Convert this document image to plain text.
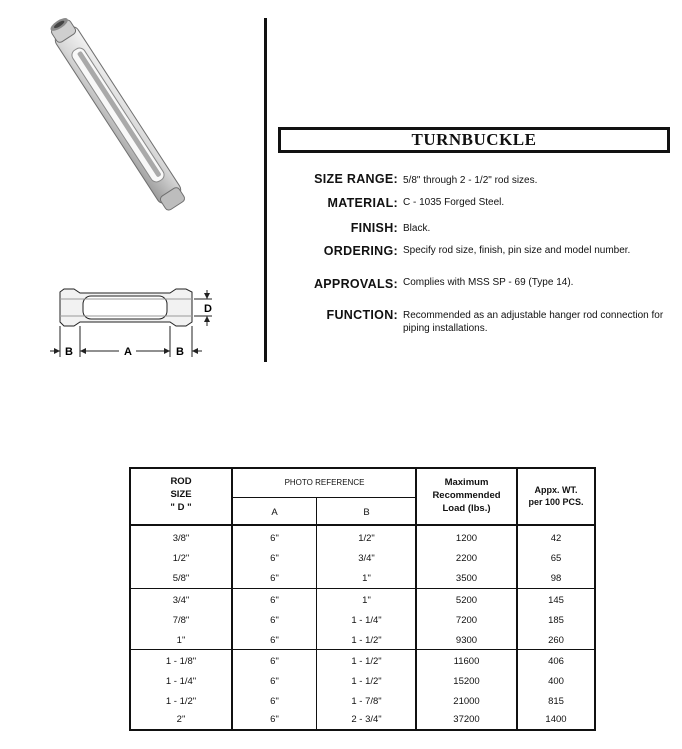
B	A	B
D
TURNBUCKLE
SIZE RANGE: 5/8" through 2 - 1/2" rod sizes.
MATERIAL: C - 1035 Forged Steel.
FINISH: Black.
ORDERING: Specify rod size, finish, pin size and model number.
APPROVALS: Complies with MSS SP - 69 (Type 14).
FUNCTION: Recommended as an adjustable hanger rod connection for piping installations.
ROD
SIZE
" D "
PHOTO REFERENCE
A	B
Maximum
Recommended
Load (lbs.)
Appx. WT.
per 100 PCS.
3/8"	6"	1/2"	1200	42
1/2"	6"	3/4"	2200	65
5/8"	6"	1"	3500	98
3/4"	6"	1"	5200	145
7/8"	6"	1 - 1/4"	7200	185
1"	6"	1 - 1/2"	9300	260
1 - 1/8"	6"	1 - 1/2"	11600	406
1 - 1/4"	6"	1 - 1/2"	15200	400
1 - 1/2"	6"	1 - 7/8"	21000	815
2"	6"	2 - 3/4"	37200	1400
